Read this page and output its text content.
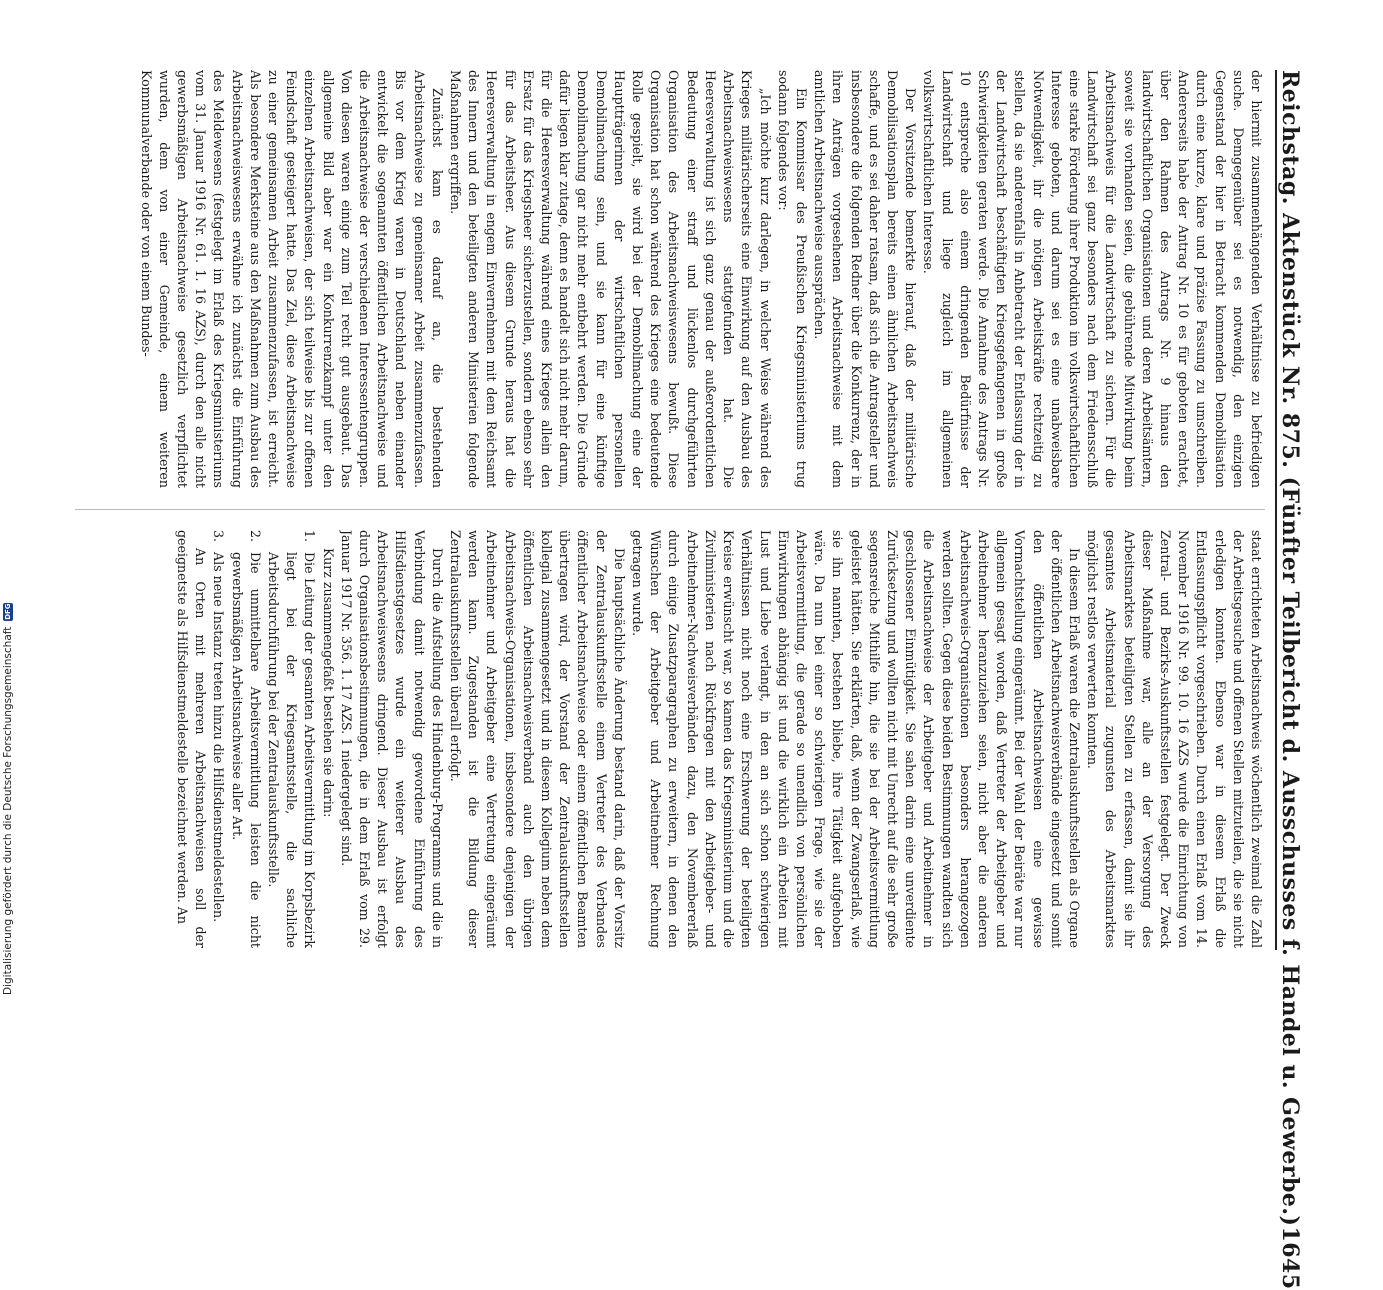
Reichstag. Aktenstück Nr. 875. (Fünfter Teilbericht d. Ausschusses f. Handel u. Gewerbe.)
1645

der hiermit zusammenhängenden Verhältnisse zu befriedigen suche. Demgegenüber sei es notwendig, den einzigen Gegenstand der hier in Betracht kommenden Demobilisation durch eine kurze, klare und präzise Fassung zu umschreiben. Andererseits habe der Antrag Nr. 10 es für geboten erachtet, über den Rahmen des Antrags Nr. 9 hinaus den landwirtschaftlichen Organisationen und deren Arbeitsämtern, soweit sie vorhanden seien, die gebührende Mitwirkung beim Arbeitsnachweis für die Landwirtschaft zu sichern. Für die Landwirtschaft sei ganz besonders nach dem Friedensschluß eine starke Förderung ihrer Produktion im volkswirtschaftlichen Interesse geboten, und darum sei es eine unabweisbare Notwendigkeit, ihr die nötigen Arbeitskräfte rechtzeitig zu stellen, da sie anderenfalls in Anbetracht der Entlassung der in der Landwirtschaft beschäftigten Kriegsgefangenen in große Schwierigkeiten geraten werde. Die Annahme des Antrags Nr. 10 entspreche also einem dringenden Bedürfnisse der Landwirtschaft und liege zugleich im allgemeinen volkswirtschaftlichen Interesse.

Der Vorsitzende bemerkte hierauf, daß der militärische Demobilisationsplan bereits einen ähnlichen Arbeitsnachweis schaffe, und es sei daher ratsam, daß sich die Antragsteller und insbesondere die folgenden Redner über die Konkurrenz, der in ihren Anträgen vorgesehenen Arbeitsnachweise mit dem amtlichen Arbeitsnachweise aussprächen.

Ein Kommissar des Preußischen Kriegsministeriums trug sodann folgendes vor:

„Ich möchte kurz darlegen, in welcher Weise während des Krieges militärischerseits eine Einwirkung auf den Ausbau des Arbeitsnachweiswesens stattgefunden hat. Die Heeresverwaltung ist sich ganz genau der außerordentlichen Bedeutung einer straff und lückenlos durchgeführten Organisation des Arbeitsnachweiswesens bewußt. Diese Organisation hat schon während des Krieges eine bedeutende Rolle gespielt, sie wird bei der Demobilmachung eine der Hauptträgerinnen der wirtschaftlichen personellen Demobilmachung sein, und sie kann für eine künftige Demobilmachung gar nicht mehr entbehrt werden. Die Gründe dafür liegen klar zutage, denn es handelt sich nicht mehr darum, für die Heeresverwaltung während eines Krieges allein den Ersatz für das Kriegsheer sicherzustellen, sondern ebenso sehr für das Arbeitsheer. Aus diesem Grunde heraus hat die Heeresverwaltung in engem Einvernehmen mit dem Reichsamt des Innern und den beteiligten anderen Ministerien folgende Maßnahmen ergriffen.

Zunächst kam es darauf an, die bestehenden Arbeitsnachweise zu gemeinsamer Arbeit zusammenzufassen. Bis vor dem Krieg waren in Deutschland neben einander entwickelt die sogenannten öffentlichen Arbeitsnachweise und die Arbeitsnachweise der verschiedenen Interessentengruppen. Von diesen waren einige zum Teil recht gut ausgebaut. Das allgemeine Bild aber war ein Konkurrenzkampf unter den einzelnen Arbeitsnachweisen, der sich teilweise bis zur offenen Feindschaft gesteigert hatte. Das Ziel, diese Arbeitsnachweise zu einer gemeinsamen Arbeit zusammenzufassen, ist erreicht. Als besondere Merksteine aus den Maßnahmen zum Ausbau des Arbeitsnachweiswesens erwähne ich zunächst die Einführung des Meldewesens (festgelegt im Erlaß des Kriegsministeriums vom 31. Januar 1916 Nr. 61. 1. 16 AZS), durch den alle nicht gewerbsmäßigen Arbeitsnachweise gesetzlich verpflichtet wurden, dem von einer Gemeinde, einem weiteren Kommunalverbande oder von einem Bundes-

staat errichteten Arbeitsnachweis wöchentlich zweimal die Zahl der Arbeitsgesuche und offenen Stellen mitzuteilen, die sie nicht erledigen konnten. Ebenso war in diesem Erlaß die Entlassungspflicht vorgeschrieben. Durch einen Erlaß vom 14. November 1916 Nr. 99. 10. 16 AZS wurde die Einrichtung von Zentral- und Bezirks-Auskunftsstellen festgelegt. Der Zweck dieser Maßnahme war, alle an der Versorgung des Arbeitsmarktes beteiligten Stellen zu erfassen, damit sie ihr gesamtes Arbeitsmaterial zugunsten des Arbeitsmarktes möglichst restlos verwerten konnten.

In diesem Erlaß waren die Zentralauskunftsstellen als Organe der öffentlichen Arbeitsnachweisverbände eingesetzt und somit den öffentlichen Arbeitsnachweisen eine gewisse Vormachtstellung eingeräumt. Bei der Wahl der Beiräte war nur allgemein gesagt worden, daß Vertreter der Arbeitgeber und Arbeitnehmer heranzuziehen seien, nicht aber die anderen Arbeitsnachweis-Organisationen besonders herangezogen werden sollten. Gegen diese beiden Bestimmungen wandten sich die Arbeitsnachweise der Arbeitgeber und Arbeitnehmer in geschlossener Einmütigkeit. Sie sahen darin eine unverdiente Zurücksetzung und wollten nicht mit Unrecht auf die sehr große segensreiche Mithilfe hin, die sie bei der Arbeitsvermittlung geleistet hätten. Sie erklärten, daß, wenn der Zwangserlaß, wie sie ihn nannten, bestehen bliebe, ihre Tätigkeit aufgehoben wäre. Da nun bei einer so schwierigen Frage, wie sie der Arbeitsvermittlung, die gerade so unendlich von persönlichen Einwirkungen abhängig ist und die wirklich ein Arbeiten mit Lust und Liebe verlangt, in den an sich schon schwierigen Verhältnissen nicht noch eine Erschwerung der beteiligten Kreise erwünscht war, so kamen das Kriegsministerium und die Zivilministerien nach Rückfragen mit den Arbeitgeber- und Arbeitnehmer-Nachweisverbänden dazu, den Novembererlaß durch einige Zusatzparagraphen zu erweitern, in denen den Wünschen der Arbeitgeber und Arbeitnehmer Rechnung getragen wurde.

Die hauptsächliche Änderung bestand darin, daß der Vorsitz der Zentralauskunftsstelle einem Vertreter des Verbandes öffentlicher Arbeitsnachweise oder einem öffentlichen Beamten übertragen wird, der Vorstand der Zentralauskunftsstellen kollegial zusammengesetzt und in diesem Kollegium neben dem öffentlichen Arbeitsnachweisverband auch den übrigen Arbeitsnachweis-Organisationen, insbesondere denjenigen der Arbeitnehmer und Arbeitgeber eine Vertretung eingeräumt werden kann. Zugestanden ist die Bildung dieser Zentralauskunftsstellen überall erfolgt.

Durch die Aufstellung des Hindenburg-Programms und die in Verbindung damit notwendig gewordene Einführung des Hilfsdienstgesetzes wurde ein weiterer Ausbau des Arbeitsnachweiswesens dringend. Dieser Ausbau ist erfolgt durch Organisationsbestimmungen, die in dem Erlaß vom 29. Januar 1917 Nr. 356. 1. 17 AZS. 1 niedergelegt sind.

Kurz zusammengefaßt bestehen sie darin:

1.
Die Leitung der gesamten Arbeitsvermittlung im Korpsbezirk liegt bei der Kriegsamtsstelle, die sachliche Arbeitsdurchführung bei der Zentralauskunftsstelle.
2.
Die unmittelbare Arbeitsvermittlung leisten die nicht gewerbsmäßigen Arbeitsnachweise aller Art.
3.
Als neue Instanz treten hinzu die Hilfsdienstmeldestellen.

An Orten mit mehreren Arbeitsnachweisen soll der geeignetste als Hilfsdienstmeldestelle bezeichnet werden. An

Digitalisierung gefördert durch die Deutsche Forschungsgemeinschaft
DFG
